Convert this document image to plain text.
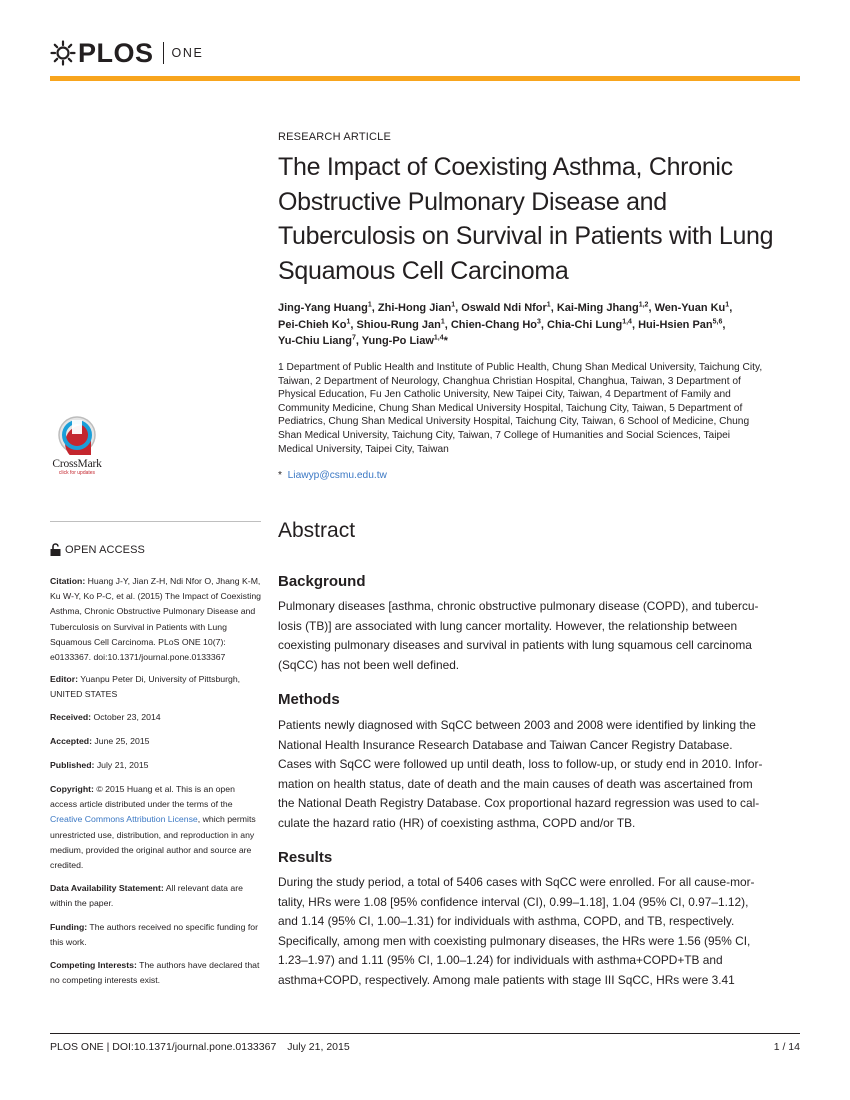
PLOS ONE
CrossMark
click for updates
OPEN ACCESS
Citation: Huang J-Y, Jian Z-H, Ndi Nfor O, Jhang K-M, Ku W-Y, Ko P-C, et al. (2015) The Impact of Coexisting Asthma, Chronic Obstructive Pulmonary Disease and Tuberculosis on Survival in Patients with Lung Squamous Cell Carcinoma. PLoS ONE 10(7): e0133367. doi:10.1371/journal.pone.0133367
Editor: Yuanpu Peter Di, University of Pittsburgh, UNITED STATES
Received: October 23, 2014
Accepted: June 25, 2015
Published: July 21, 2015
Copyright: © 2015 Huang et al. This is an open access article distributed under the terms of the Creative Commons Attribution License, which permits unrestricted use, distribution, and reproduction in any medium, provided the original author and source are credited.
Data Availability Statement: All relevant data are within the paper.
Funding: The authors received no specific funding for this work.
Competing Interests: The authors have declared that no competing interests exist.
RESEARCH ARTICLE
The Impact of Coexisting Asthma, Chronic
Obstructive Pulmonary Disease and
Tuberculosis on Survival in Patients with Lung
Squamous Cell Carcinoma
Jing-Yang Huang$^1$, Zhi-Hong Jian$^1$, Oswald Ndi Nfor$^1$, Kai-Ming Jhang$^{1,2}$, Wen-Yuan Ku$^1$,
Pei-Chieh Ko$^1$, Shiou-Rung Jan$^1$, Chien-Chang Ho$^3$, Chia-Chi Lung$^{1,4}$, Hui-Hsien Pan$^{5,6}$,
Yu-Chiu Liang$^7$, Yung-Po Liaw$^{1,4}$*
1 Department of Public Health and Institute of Public Health, Chung Shan Medical University, Taichung City,
Taiwan, 2 Department of Neurology, Changhua Christian Hospital, Changhua, Taiwan, 3 Department of
Physical Education, Fu Jen Catholic University, New Taipei City, Taiwan, 4 Department of Family and
Community Medicine, Chung Shan Medical University Hospital, Taichung City, Taiwan, 5 Department of
Pediatrics, Chung Shan Medical University Hospital, Taichung City, Taiwan, 6 School of Medicine, Chung
Shan Medical University, Taichung City, Taiwan, 7 College of Humanities and Social Sciences, Taipei
Medical University, Taipei City, Taiwan
* Liawyp@csmu.edu.tw
Abstract
Background
Pulmonary diseases [asthma, chronic obstructive pulmonary disease (COPD), and tubercu-
losis (TB)] are associated with lung cancer mortality. However, the relationship between
coexisting pulmonary diseases and survival in patients with lung squamous cell carcinoma
(SqCC) has not been well defined.
Methods
Patients newly diagnosed with SqCC between 2003 and 2008 were identified by linking the
National Health Insurance Research Database and Taiwan Cancer Registry Database.
Cases with SqCC were followed up until death, loss to follow-up, or study end in 2010. Infor-
mation on health status, date of death and the main causes of death was ascertained from
the National Death Registry Database. Cox proportional hazard regression was used to cal-
culate the hazard ratio (HR) of coexisting asthma, COPD and/or TB.
Results
During the study period, a total of 5406 cases with SqCC were enrolled. For all cause-mor-
tality, HRs were 1.08 [95% confidence interval (CI), 0.99–1.18], 1.04 (95% CI, 0.97–1.12),
and 1.14 (95% CI, 1.00–1.31) for individuals with asthma, COPD, and TB, respectively.
Specifically, among men with coexisting pulmonary diseases, the HRs were 1.56 (95% CI,
1.23–1.97) and 1.11 (95% CI, 1.00–1.24) for individuals with asthma+COPD+TB and
asthma+COPD, respectively. Among male patients with stage III SqCC, HRs were 3.41
PLOS ONE | DOI:10.1371/journal.pone.0133367 July 21, 2015	1 / 14
